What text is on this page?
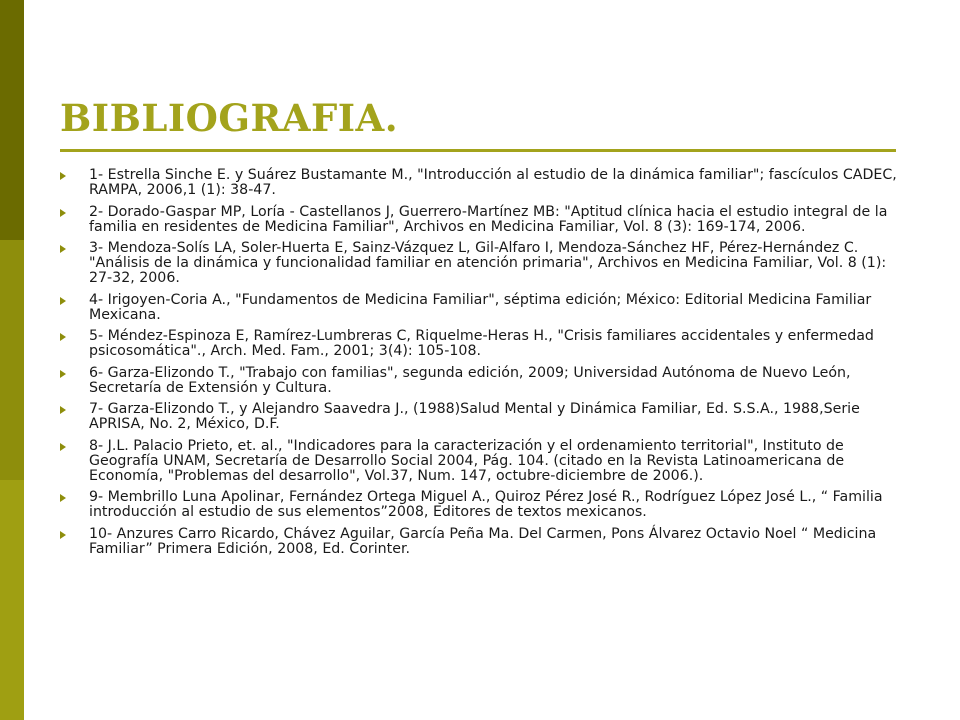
BIBLIOGRAFIA.
1- Estrella Sinche E. y Suárez Bustamante M., "Introducción al estudio de la dinámica familiar"; fascículos CADEC, RAMPA, 2006,1 (1): 38-47.
2- Dorado-Gaspar MP, Loría - Castellanos J, Guerrero-Martínez MB: "Aptitud clínica hacia el estudio integral de la familia en residentes de Medicina Familiar", Archivos en Medicina Familiar, Vol. 8 (3): 169-174, 2006.
3- Mendoza-Solís LA, Soler-Huerta E, Sainz-Vázquez L, Gil-Alfaro I, Mendoza-Sánchez HF, Pérez-Hernández C. "Análisis de la dinámica y funcionalidad familiar en atención primaria", Archivos en Medicina Familiar, Vol. 8 (1): 27-32, 2006.
4- Irigoyen-Coria A., "Fundamentos de Medicina Familiar", séptima edición; México: Editorial Medicina Familiar Mexicana.
5- Méndez-Espinoza E, Ramírez-Lumbreras C, Riquelme-Heras H., "Crisis familiares accidentales y enfermedad psicosomática"., Arch. Med. Fam., 2001; 3(4): 105-108.
6- Garza-Elizondo T., "Trabajo con familias", segunda edición, 2009; Universidad Autónoma de Nuevo León, Secretaría de Extensión y Cultura.
7- Garza-Elizondo T., y Alejandro Saavedra J., (1988)Salud Mental y Dinámica Familiar, Ed. S.S.A., 1988,Serie APRISA, No. 2, México, D.F.
8- J.L. Palacio Prieto, et. al., "Indicadores para la caracterización y el ordenamiento territorial", Instituto de Geografía UNAM, Secretaría de Desarrollo Social 2004, Pág. 104. (citado en la Revista Latinoamericana de Economía, "Problemas del desarrollo", Vol.37, Num. 147, octubre-diciembre de 2006.).
9- Membrillo Luna Apolinar, Fernández Ortega Miguel A., Quiroz Pérez José R., Rodríguez López José L., “ Familia introducción al estudio de sus elementos”2008, Editores de textos mexicanos.
10- Anzures Carro Ricardo, Chávez Aguilar, García Peña Ma. Del Carmen, Pons Álvarez Octavio Noel “ Medicina Familiar” Primera Edición, 2008, Ed. Corinter.
